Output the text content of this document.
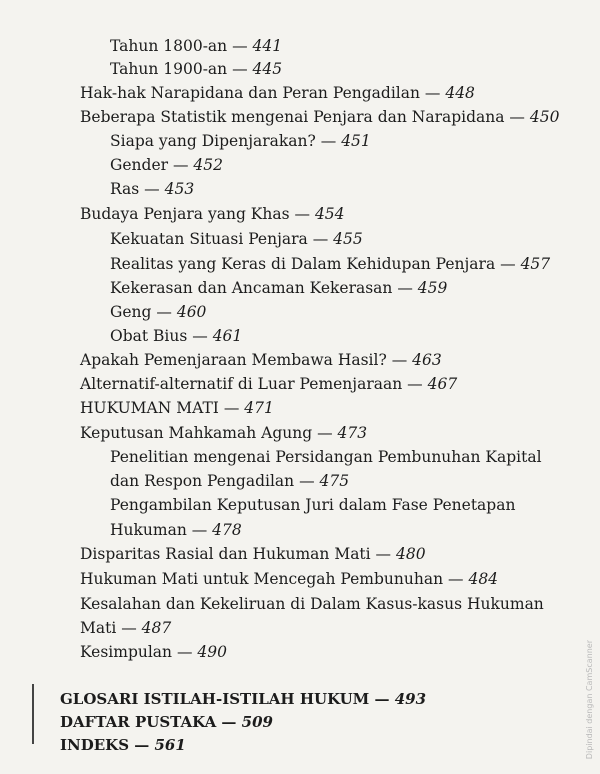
Tahun 1800-an — 441
Tahun 1900-an — 445
Hak-hak Narapidana dan Peran Pengadilan — 448
Beberapa Statistik mengenai Penjara dan Narapidana — 450
Siapa yang Dipenjarakan? — 451
Gender — 452
Ras — 453
Budaya Penjara yang Khas — 454
Kekuatan Situasi Penjara — 455
Realitas yang Keras di Dalam Kehidupan Penjara — 457
Kekerasan dan Ancaman Kekerasan — 459
Geng — 460
Obat Bius — 461
Apakah Pemenjaraan Membawa Hasil? — 463
Alternatif-alternatif di Luar Pemenjaraan — 467
HUKUMAN MATI — 471
Keputusan Mahkamah Agung — 473
Penelitian mengenai Persidangan Pembunuhan Kapital
dan Respon Pengadilan — 475
Pengambilan Keputusan Juri dalam Fase Penetapan
Hukuman — 478
Disparitas Rasial dan Hukuman Mati — 480
Hukuman Mati untuk Mencegah Pembunuhan — 484
Kesalahan dan Kekeliruan di Dalam Kasus-kasus Hukuman
Mati — 487
Kesimpulan — 490
GLOSARI ISTILAH-ISTILAH HUKUM — 493
DAFTAR PUSTAKA — 509
INDEKS — 561	Dipindai dengan CamScanner
